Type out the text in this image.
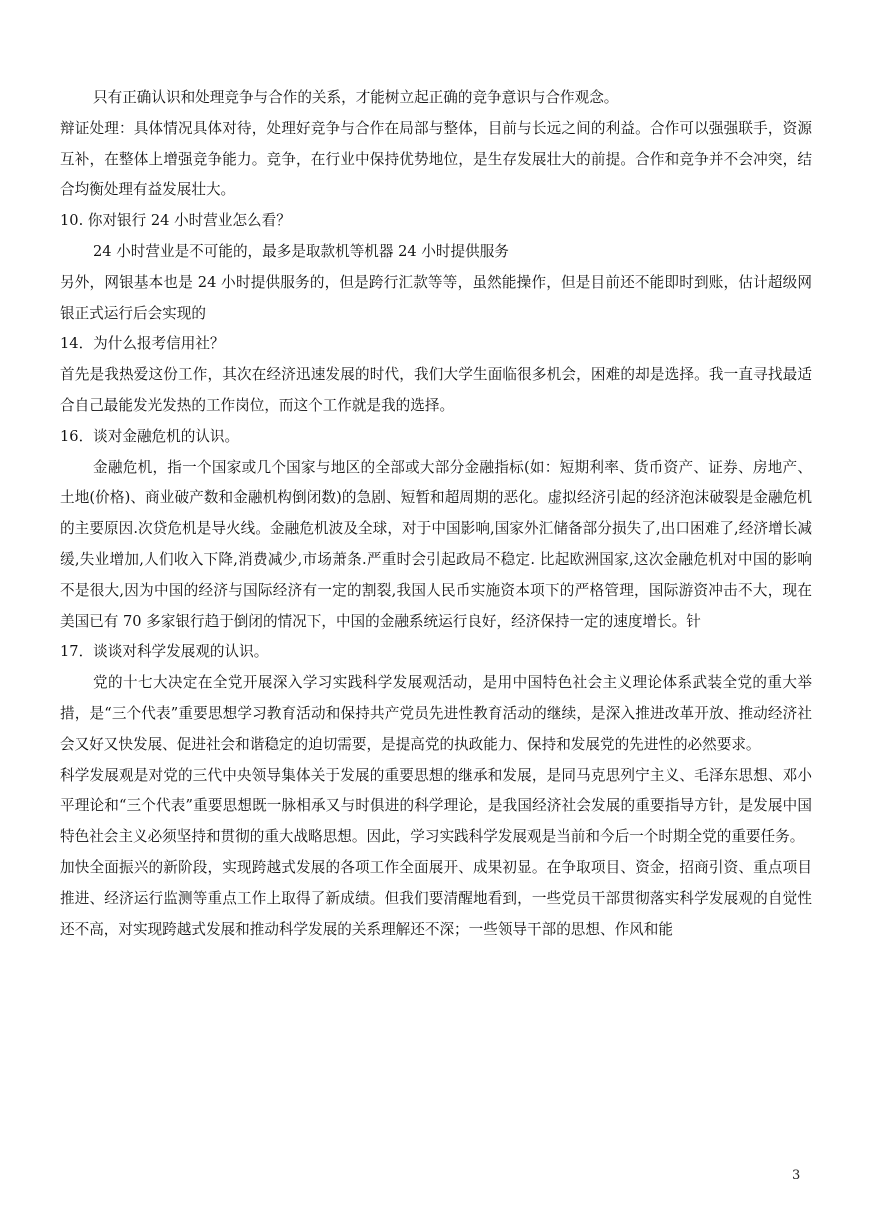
只有正确认识和处理竞争与合作的关系，才能树立起正确的竞争意识与合作观念。

辩证处理：具体情况具体对待，处理好竞争与合作在局部与整体，目前与长远之间的利益。合作可以强强联手，资源互补，在整体上增强竞争能力。竞争，在行业中保持优势地位，是生存发展壮大的前提。合作和竞争并不会冲突，结合均衡处理有益发展壮大。

10. 你对银行 24 小时营业怎么看？

24 小时营业是不可能的，最多是取款机等机器 24 小时提供服务

另外，网银基本也是 24 小时提供服务的，但是跨行汇款等等，虽然能操作，但是目前还不能即时到账，估计超级网银正式运行后会实现的

14．为什么报考信用社？

首先是我热爱这份工作，其次在经济迅速发展的时代，我们大学生面临很多机会，困难的却是选择。我一直寻找最适合自己最能发光发热的工作岗位，而这个工作就是我的选择。

16．谈对金融危机的认识。

金融危机，指一个国家或几个国家与地区的全部或大部分金融指标(如：短期利率、货币资产、证券、房地产、土地(价格)、商业破产数和金融机构倒闭数)的急剧、短暂和超周期的恶化。虚拟经济引起的经济泡沫破裂是金融危机的主要原因.次贷危机是导火线。金融危机波及全球，对于中国影响,国家外汇储备部分损失了,出口困难了,经济增长减缓,失业增加,人们收入下降,消费减少,市场萧条.严重时会引起政局不稳定. 比起欧洲国家,这次金融危机对中国的影响不是很大,因为中国的经济与国际经济有一定的割裂,我国人民币实施资本项下的严格管理，国际游资冲击不大，现在美国已有 70 多家银行趋于倒闭的情况下，中国的金融系统运行良好，经济保持一定的速度增长。针

17．谈谈对科学发展观的认识。

党的十七大决定在全党开展深入学习实践科学发展观活动，是用中国特色社会主义理论体系武装全党的重大举措，是“三个代表”重要思想学习教育活动和保持共产党员先进性教育活动的继续，是深入推进改革开放、推动经济社会又好又快发展、促进社会和谐稳定的迫切需要，是提高党的执政能力、保持和发展党的先进性的必然要求。

科学发展观是对党的三代中央领导集体关于发展的重要思想的继承和发展，是同马克思列宁主义、毛泽东思想、邓小平理论和“三个代表”重要思想既一脉相承又与时俱进的科学理论，是我国经济社会发展的重要指导方针，是发展中国特色社会主义必须坚持和贯彻的重大战略思想。因此，学习实践科学发展观是当前和今后一个时期全党的重要任务。

加快全面振兴的新阶段，实现跨越式发展的各项工作全面展开、成果初显。在争取项目、资金，招商引资、重点项目推进、经济运行监测等重点工作上取得了新成绩。但我们要清醒地看到，一些党员干部贯彻落实科学发展观的自觉性还不高，对实现跨越式发展和推动科学发展的关系理解还不深；一些领导干部的思想、作风和能

3
